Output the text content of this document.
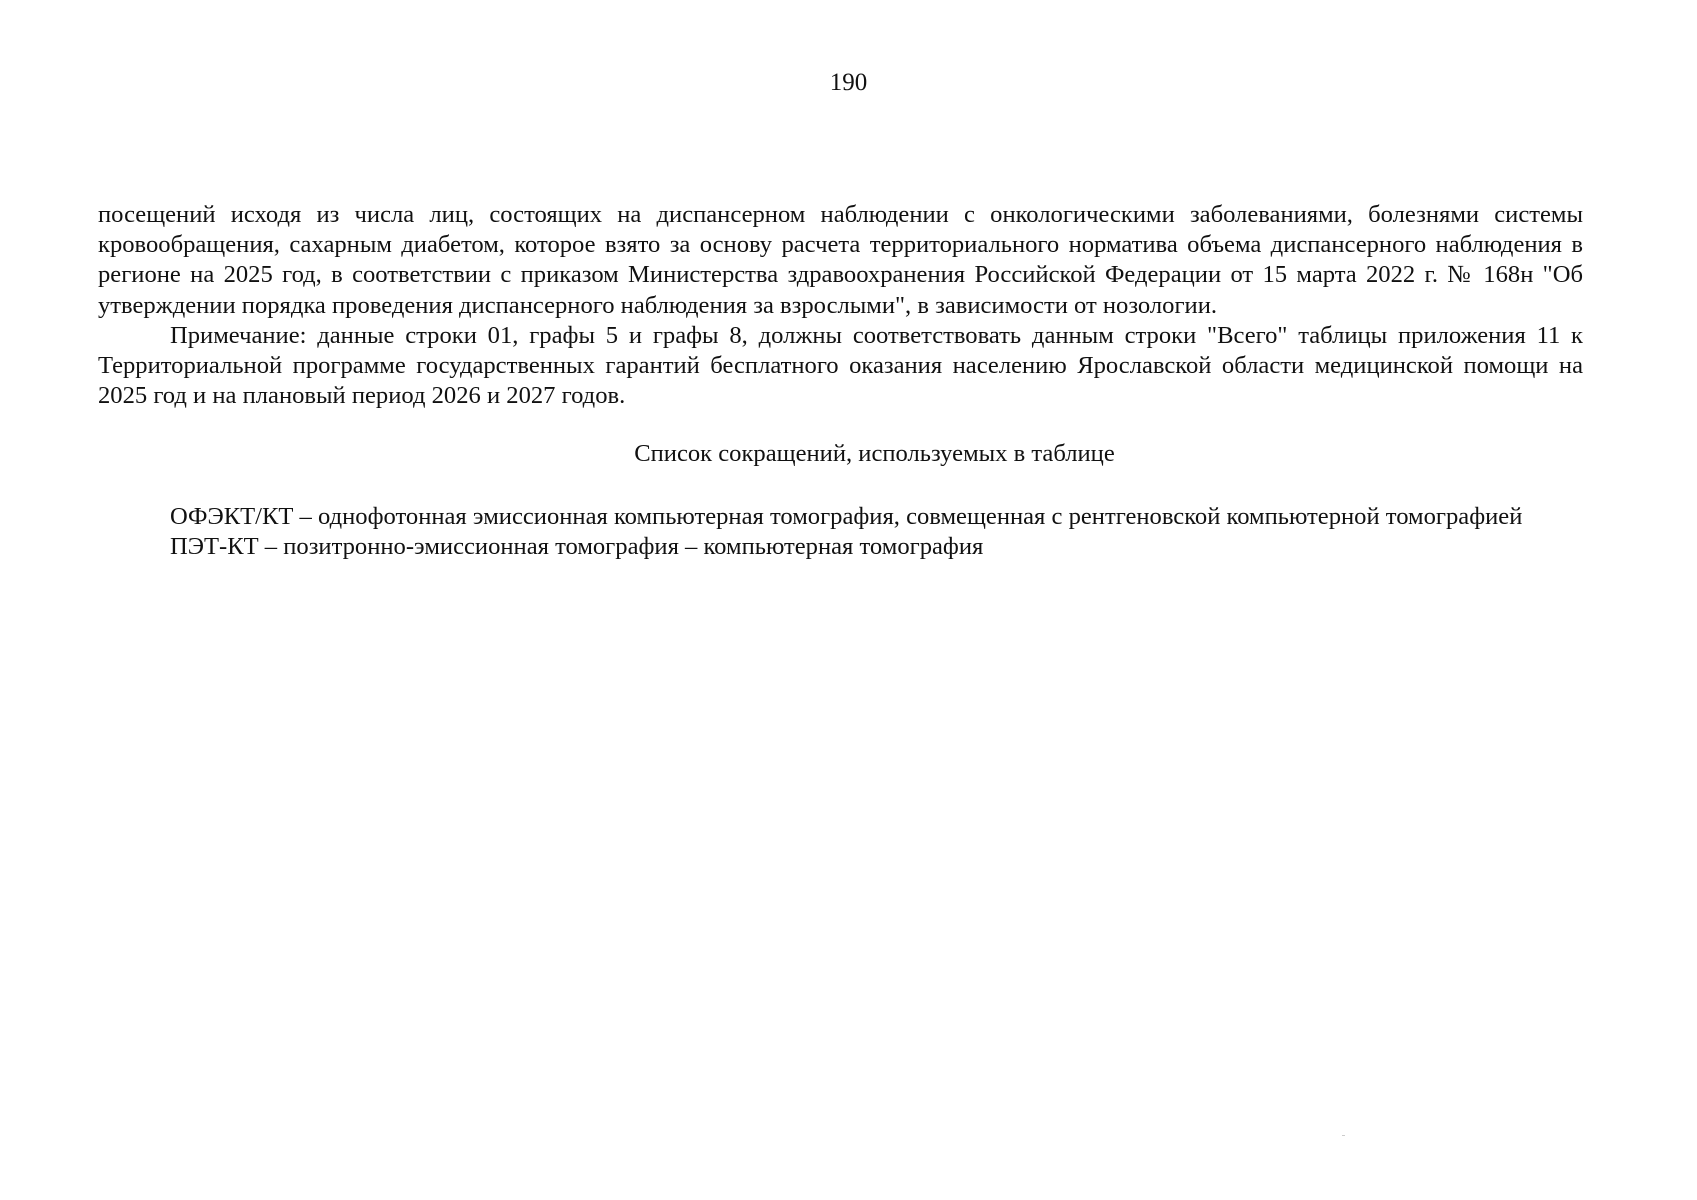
190

посещений исходя из числа лиц, состоящих на диспансерном наблюдении с онкологическими заболеваниями, болезнями системы кровообращения, сахарным диабетом, которое взято за основу расчета территориального норматива объема диспансерного наблюдения в регионе на 2025 год, в соответствии с приказом Министерства здравоохранения Российской Федерации от 15 марта 2022 г. № 168н "Об утверждении порядка проведения диспансерного наблюдения за взрослыми", в зависимости от нозологии.

Примечание: данные строки 01, графы 5 и графы 8, должны соответствовать данным строки "Всего" таблицы приложения 11 к Территориальной программе государственных гарантий бесплатного оказания населению Ярославской области медицинской помощи на 2025 год и на плановый период 2026 и 2027 годов.

Список сокращений, используемых в таблице

ОФЭКТ/КТ – однофотонная эмиссионная компьютерная томография, совмещенная с рентгеновской компьютерной томографией

ПЭТ-КТ – позитронно-эмиссионная томография – компьютерная томография
